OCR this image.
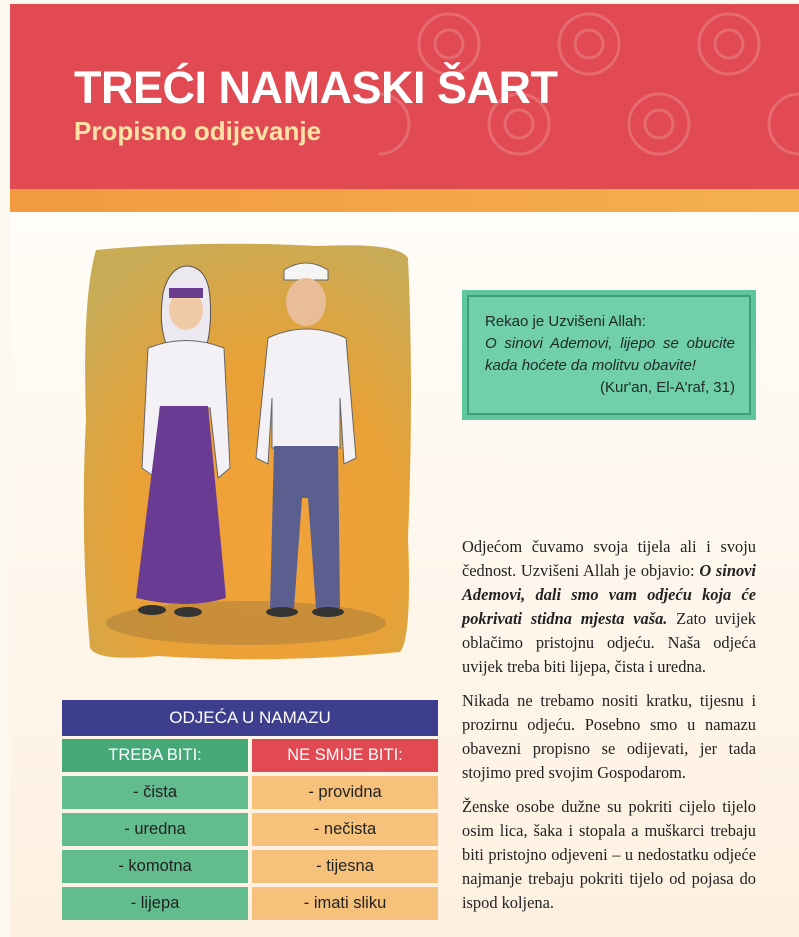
TREĆI NAMASKI ŠART
Propisno odijevanje

Rekao je Uzvišeni Allah:

O sinovi Ademovi, lijepo se obucite kada hoćete da molitvu obavite!

(Kur'an, El-A'raf, 31)

Odjećom čuvamo svoja tijela ali i svoju čednost. Uzvišeni Allah je objavio: O sinovi Ademovi, dali smo vam odjeću koja će pokrivati stidna mjesta vaša. Zato uvijek oblačimo pristojnu odjeću. Naša odjeća uvijek treba biti lijepa, čista i uredna.

Nikada ne trebamo nositi kratku, tijesnu i prozirnu odjeću. Posebno smo u namazu obavezni propisno se odijevati, jer tada stojimo pred svojim Gospodarom.

Ženske osobe dužne su pokriti cijelo tijelo osim lica, šaka i stopala a muškarci trebaju biti pristojno odjeveni – u nedostatku odjeće najmanje trebaju pokriti tijelo od pojasa do ispod koljena.

ODJEĆA U NAMAZU
TREBA BITI:	NE SMIJE BITI:
- čista	- providna
- uredna	- nečista
- komotna	- tijesna
- lijepa	- imati sliku
